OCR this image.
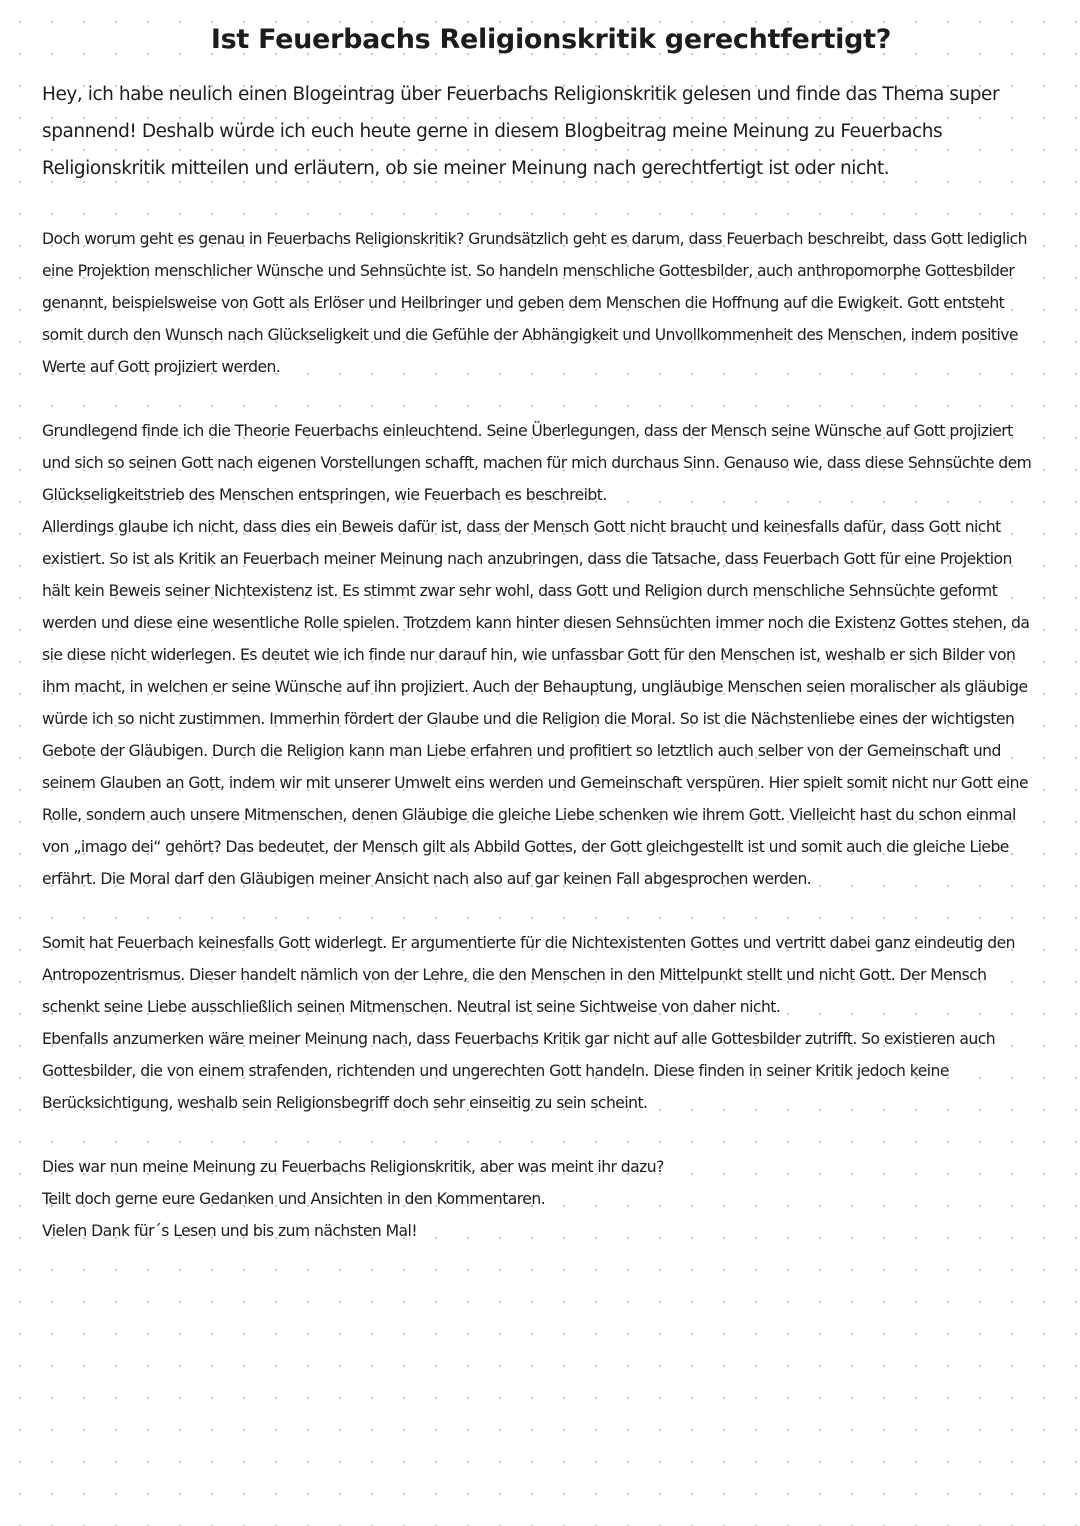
Ist Feuerbachs Religionskritik gerechtfertigt?

Hey, ich habe neulich einen Blogeintrag über Feuerbachs Religionskritik gelesen und finde das Thema super spannend! Deshalb würde ich euch heute gerne in diesem Blogbeitrag meine Meinung zu Feuerbachs Religionskritik mitteilen und erläutern, ob sie meiner Meinung nach gerechtfertigt ist oder nicht.

Doch worum geht es genau in Feuerbachs Religionskritik? Grundsätzlich geht es darum, dass Feuerbach beschreibt, dass Gott lediglich eine Projektion menschlicher Wünsche und Sehnsüchte ist. So handeln menschliche Gottesbilder, auch anthropomorphe Gottesbilder genannt, beispielsweise von Gott als Erlöser und Heilbringer und geben dem Menschen die Hoffnung auf die Ewigkeit. Gott entsteht somit durch den Wunsch nach Glückseligkeit und die Gefühle der Abhängigkeit und Unvollkommenheit des Menschen, indem positive Werte auf Gott projiziert werden.

Grundlegend finde ich die Theorie Feuerbachs einleuchtend. Seine Überlegungen, dass der Mensch seine Wünsche auf Gott projiziert und sich so seinen Gott nach eigenen Vorstellungen schafft, machen für mich durchaus Sinn. Genauso wie, dass diese Sehnsüchte dem Glückseligkeitstrieb des Menschen entspringen, wie Feuerbach es beschreibt.

Allerdings glaube ich nicht, dass dies ein Beweis dafür ist, dass der Mensch Gott nicht braucht und keinesfalls dafür, dass Gott nicht existiert. So ist als Kritik an Feuerbach meiner Meinung nach anzubringen, dass die Tatsache, dass Feuerbach Gott für eine Projektion hält kein Beweis seiner Nichtexistenz ist. Es stimmt zwar sehr wohl, dass Gott und Religion durch menschliche Sehnsüchte geformt werden und diese eine wesentliche Rolle spielen. Trotzdem kann hinter diesen Sehnsüchten immer noch die Existenz Gottes stehen, da sie diese nicht widerlegen. Es deutet wie ich finde nur darauf hin, wie unfassbar Gott für den Menschen ist, weshalb er sich Bilder von ihm macht, in welchen er seine Wünsche auf ihn projiziert. Auch der Behauptung, ungläubige Menschen seien moralischer als gläubige würde ich so nicht zustimmen. Immerhin fördert der Glaube und die Religion die Moral. So ist die Nächstenliebe eines der wichtigsten Gebote der Gläubigen. Durch die Religion kann man Liebe erfahren und profitiert so letztlich auch selber von der Gemeinschaft und seinem Glauben an Gott, indem wir mit unserer Umwelt eins werden und Gemeinschaft verspüren. Hier spielt somit nicht nur Gott eine Rolle, sondern auch unsere Mitmenschen, denen Gläubige die gleiche Liebe schenken wie ihrem Gott. Vielleicht hast du schon einmal von „imago dei“ gehört? Das bedeutet, der Mensch gilt als Abbild Gottes, der Gott gleichgestellt ist und somit auch die gleiche Liebe erfährt. Die Moral darf den Gläubigen meiner Ansicht nach also auf gar keinen Fall abgesprochen werden.

Somit hat Feuerbach keinesfalls Gott widerlegt. Er argumentierte für die Nichtexistenten Gottes und vertritt dabei ganz eindeutig den Antropozentrismus. Dieser handelt nämlich von der Lehre, die den Menschen in den Mittelpunkt stellt und nicht Gott. Der Mensch schenkt seine Liebe ausschließlich seinen Mitmenschen. Neutral ist seine Sichtweise von daher nicht.

Ebenfalls anzumerken wäre meiner Meinung nach, dass Feuerbachs Kritik gar nicht auf alle Gottesbilder zutrifft. So existieren auch Gottesbilder, die von einem strafenden, richtenden und ungerechten Gott handeln. Diese finden in seiner Kritik jedoch keine Berücksichtigung, weshalb sein Religionsbegriff doch sehr einseitig zu sein scheint.

Dies war nun meine Meinung zu Feuerbachs Religionskritik, aber was meint ihr dazu?

Teilt doch gerne eure Gedanken und Ansichten in den Kommentaren.

Vielen Dank für´s Lesen und bis zum nächsten Mal!
